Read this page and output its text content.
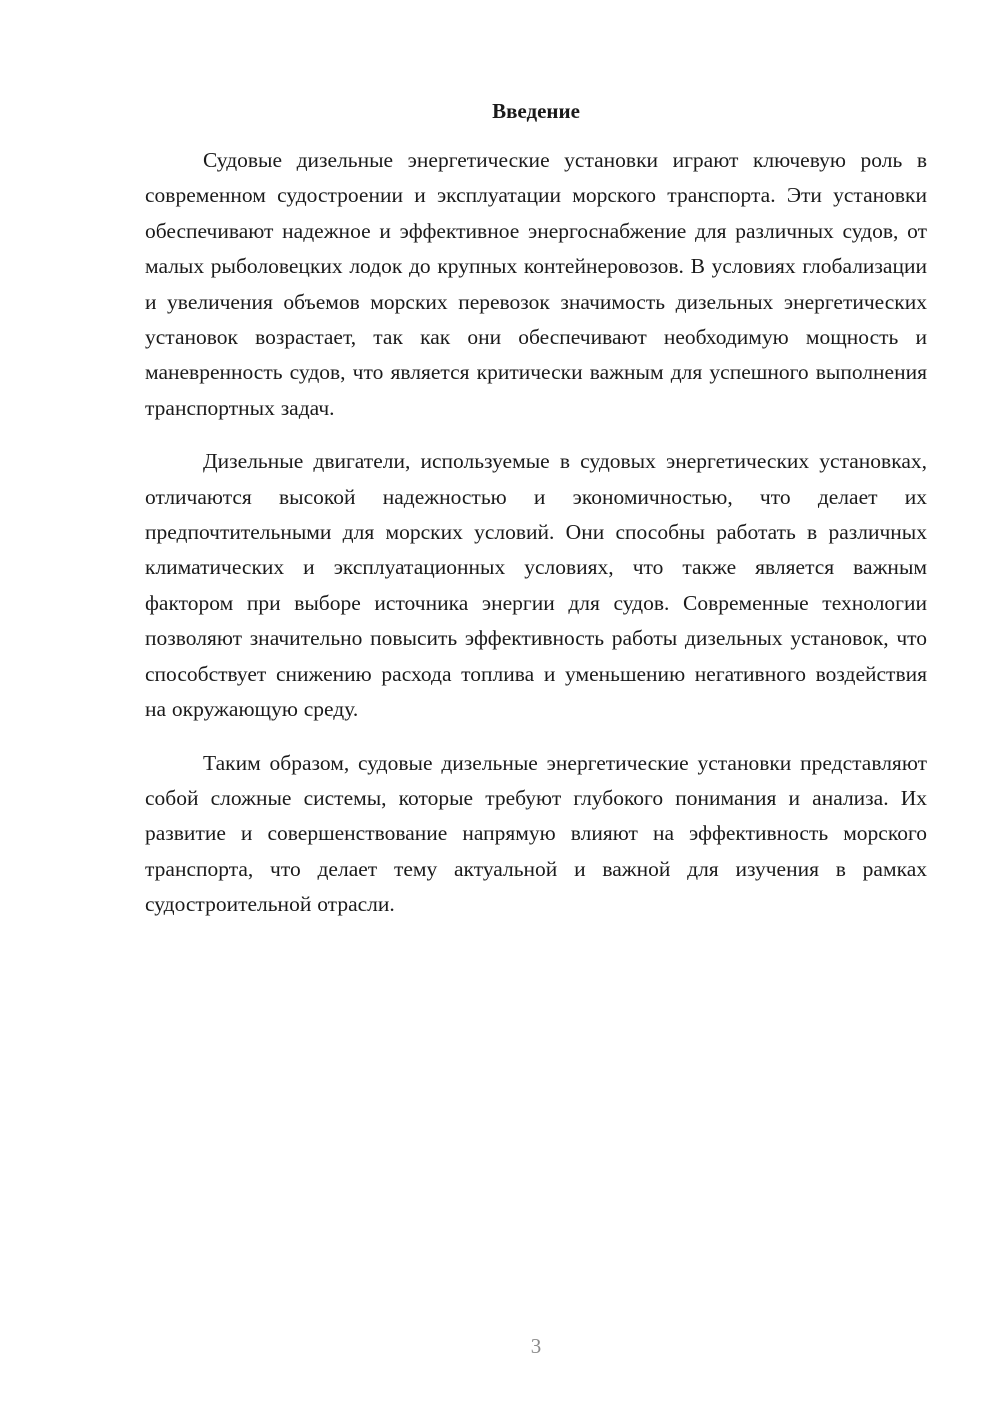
Введение

Судовые дизельные энергетические установки играют ключевую роль в современном судостроении и эксплуатации морского транспорта. Эти установки обеспечивают надежное и эффективное энергоснабжение для различных судов, от малых рыболовецких лодок до крупных контейнеровозов. В условиях глобализации и увеличения объемов морских перевозок значимость дизельных энергетических установок возрастает, так как они обеспечивают необходимую мощность и маневренность судов, что является критически важным для успешного выполнения транспортных задач.

Дизельные двигатели, используемые в судовых энергетических установках, отличаются высокой надежностью и экономичностью, что делает их предпочтительными для морских условий. Они способны работать в различных климатических и эксплуатационных условиях, что также является важным фактором при выборе источника энергии для судов. Современные технологии позволяют значительно повысить эффективность работы дизельных установок, что способствует снижению расхода топлива и уменьшению негативного воздействия на окружающую среду.

Таким образом, судовые дизельные энергетические установки представляют собой сложные системы, которые требуют глубокого понимания и анализа. Их развитие и совершенствование напрямую влияют на эффективность морского транспорта, что делает тему актуальной и важной для изучения в рамках судостроительной отрасли.

3
